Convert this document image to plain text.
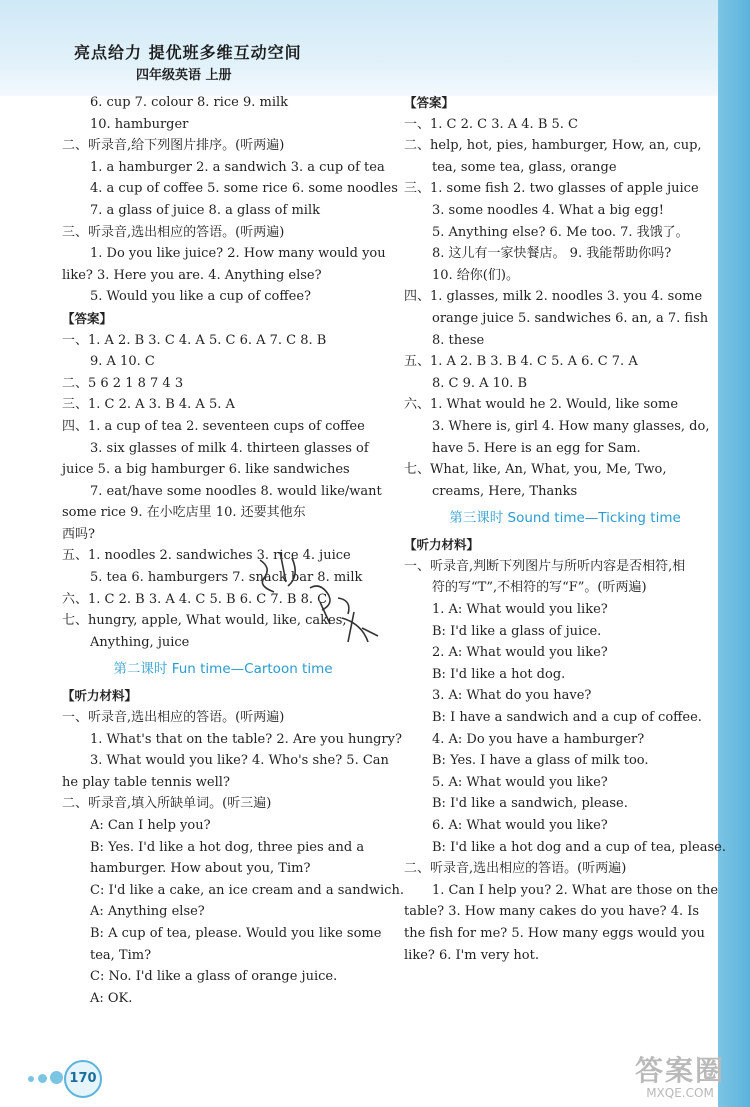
亮点给力 提优班多维互动空间
四年级英语 上册
6. cup 7. colour 8. rice 9. milk
10. hamburger
二、听录音,给下列图片排序。(听两遍)
1. a hamburger 2. a sandwich 3. a cup of tea
4. a cup of coffee 5. some rice 6. some noodles
7. a glass of juice 8. a glass of milk
三、听录音,选出相应的答语。(听两遍)
1. Do you like juice? 2. How many would you
like? 3. Here you are. 4. Anything else?
5. Would you like a cup of coffee?
【答案】
一、1. A 2. B 3. C 4. A 5. C 6. A 7. C 8. B
9. A 10. C
二、5 6 2 1 8 7 4 3
三、1. C 2. A 3. B 4. A 5. A
四、1. a cup of tea 2. seventeen cups of coffee
3. six glasses of milk 4. thirteen glasses of
juice 5. a big hamburger 6. like sandwiches
7. eat/have some noodles 8. would like/want
some rice 9. 在小吃店里 10. 还要其他东
西吗?
五、1. noodles 2. sandwiches 3. rice 4. juice
5. tea 6. hamburgers 7. snack bar 8. milk
六、1. C 2. B 3. A 4. C 5. B 6. C 7. B 8. C
七、hungry, apple, What would, like, cakes,
Anything, juice
第二课时 Fun time—Cartoon time
【听力材料】
一、听录音,选出相应的答语。(听两遍)
1. What's that on the table? 2. Are you hungry?
3. What would you like? 4. Who's she? 5. Can
he play table tennis well?
二、听录音,填入所缺单词。(听三遍)
A: Can I help you?
B: Yes. I'd like a hot dog, three pies and a
hamburger. How about you, Tim?
C: I'd like a cake, an ice cream and a sandwich.
A: Anything else?
B: A cup of tea, please. Would you like some
tea, Tim?
C: No. I'd like a glass of orange juice.
A: OK.
【答案】
一、1. C 2. C 3. A 4. B 5. C
二、help, hot, pies, hamburger, How, an, cup,
tea, some tea, glass, orange
三、1. some fish 2. two glasses of apple juice
3. some noodles 4. What a big egg!
5. Anything else? 6. Me too. 7. 我饿了。
8. 这儿有一家快餐店。 9. 我能帮助你吗?
10. 给你(们)。
四、1. glasses, milk 2. noodles 3. you 4. some
orange juice 5. sandwiches 6. an, a 7. fish
8. these
五、1. A 2. B 3. B 4. C 5. A 6. C 7. A
8. C 9. A 10. B
六、1. What would he 2. Would, like some
3. Where is, girl 4. How many glasses, do,
have 5. Here is an egg for Sam.
七、What, like, An, What, you, Me, Two,
creams, Here, Thanks
第三课时 Sound time—Ticking time
【听力材料】
一、听录音,判断下列图片与所听内容是否相符,相
符的写“T”,不相符的写“F”。(听两遍)
1. A: What would you like?
B: I'd like a glass of juice.
2. A: What would you like?
B: I'd like a hot dog.
3. A: What do you have?
B: I have a sandwich and a cup of coffee.
4. A: Do you have a hamburger?
B: Yes. I have a glass of milk too.
5. A: What would you like?
B: I'd like a sandwich, please.
6. A: What would you like?
B: I'd like a hot dog and a cup of tea, please.
二、听录音,选出相应的答语。(听两遍)
1. Can I help you? 2. What are those on the
table? 3. How many cakes do you have? 4. Is
the fish for me? 5. How many eggs would you
like? 6. I'm very hot.
170	答案圈
MXQE.COM
